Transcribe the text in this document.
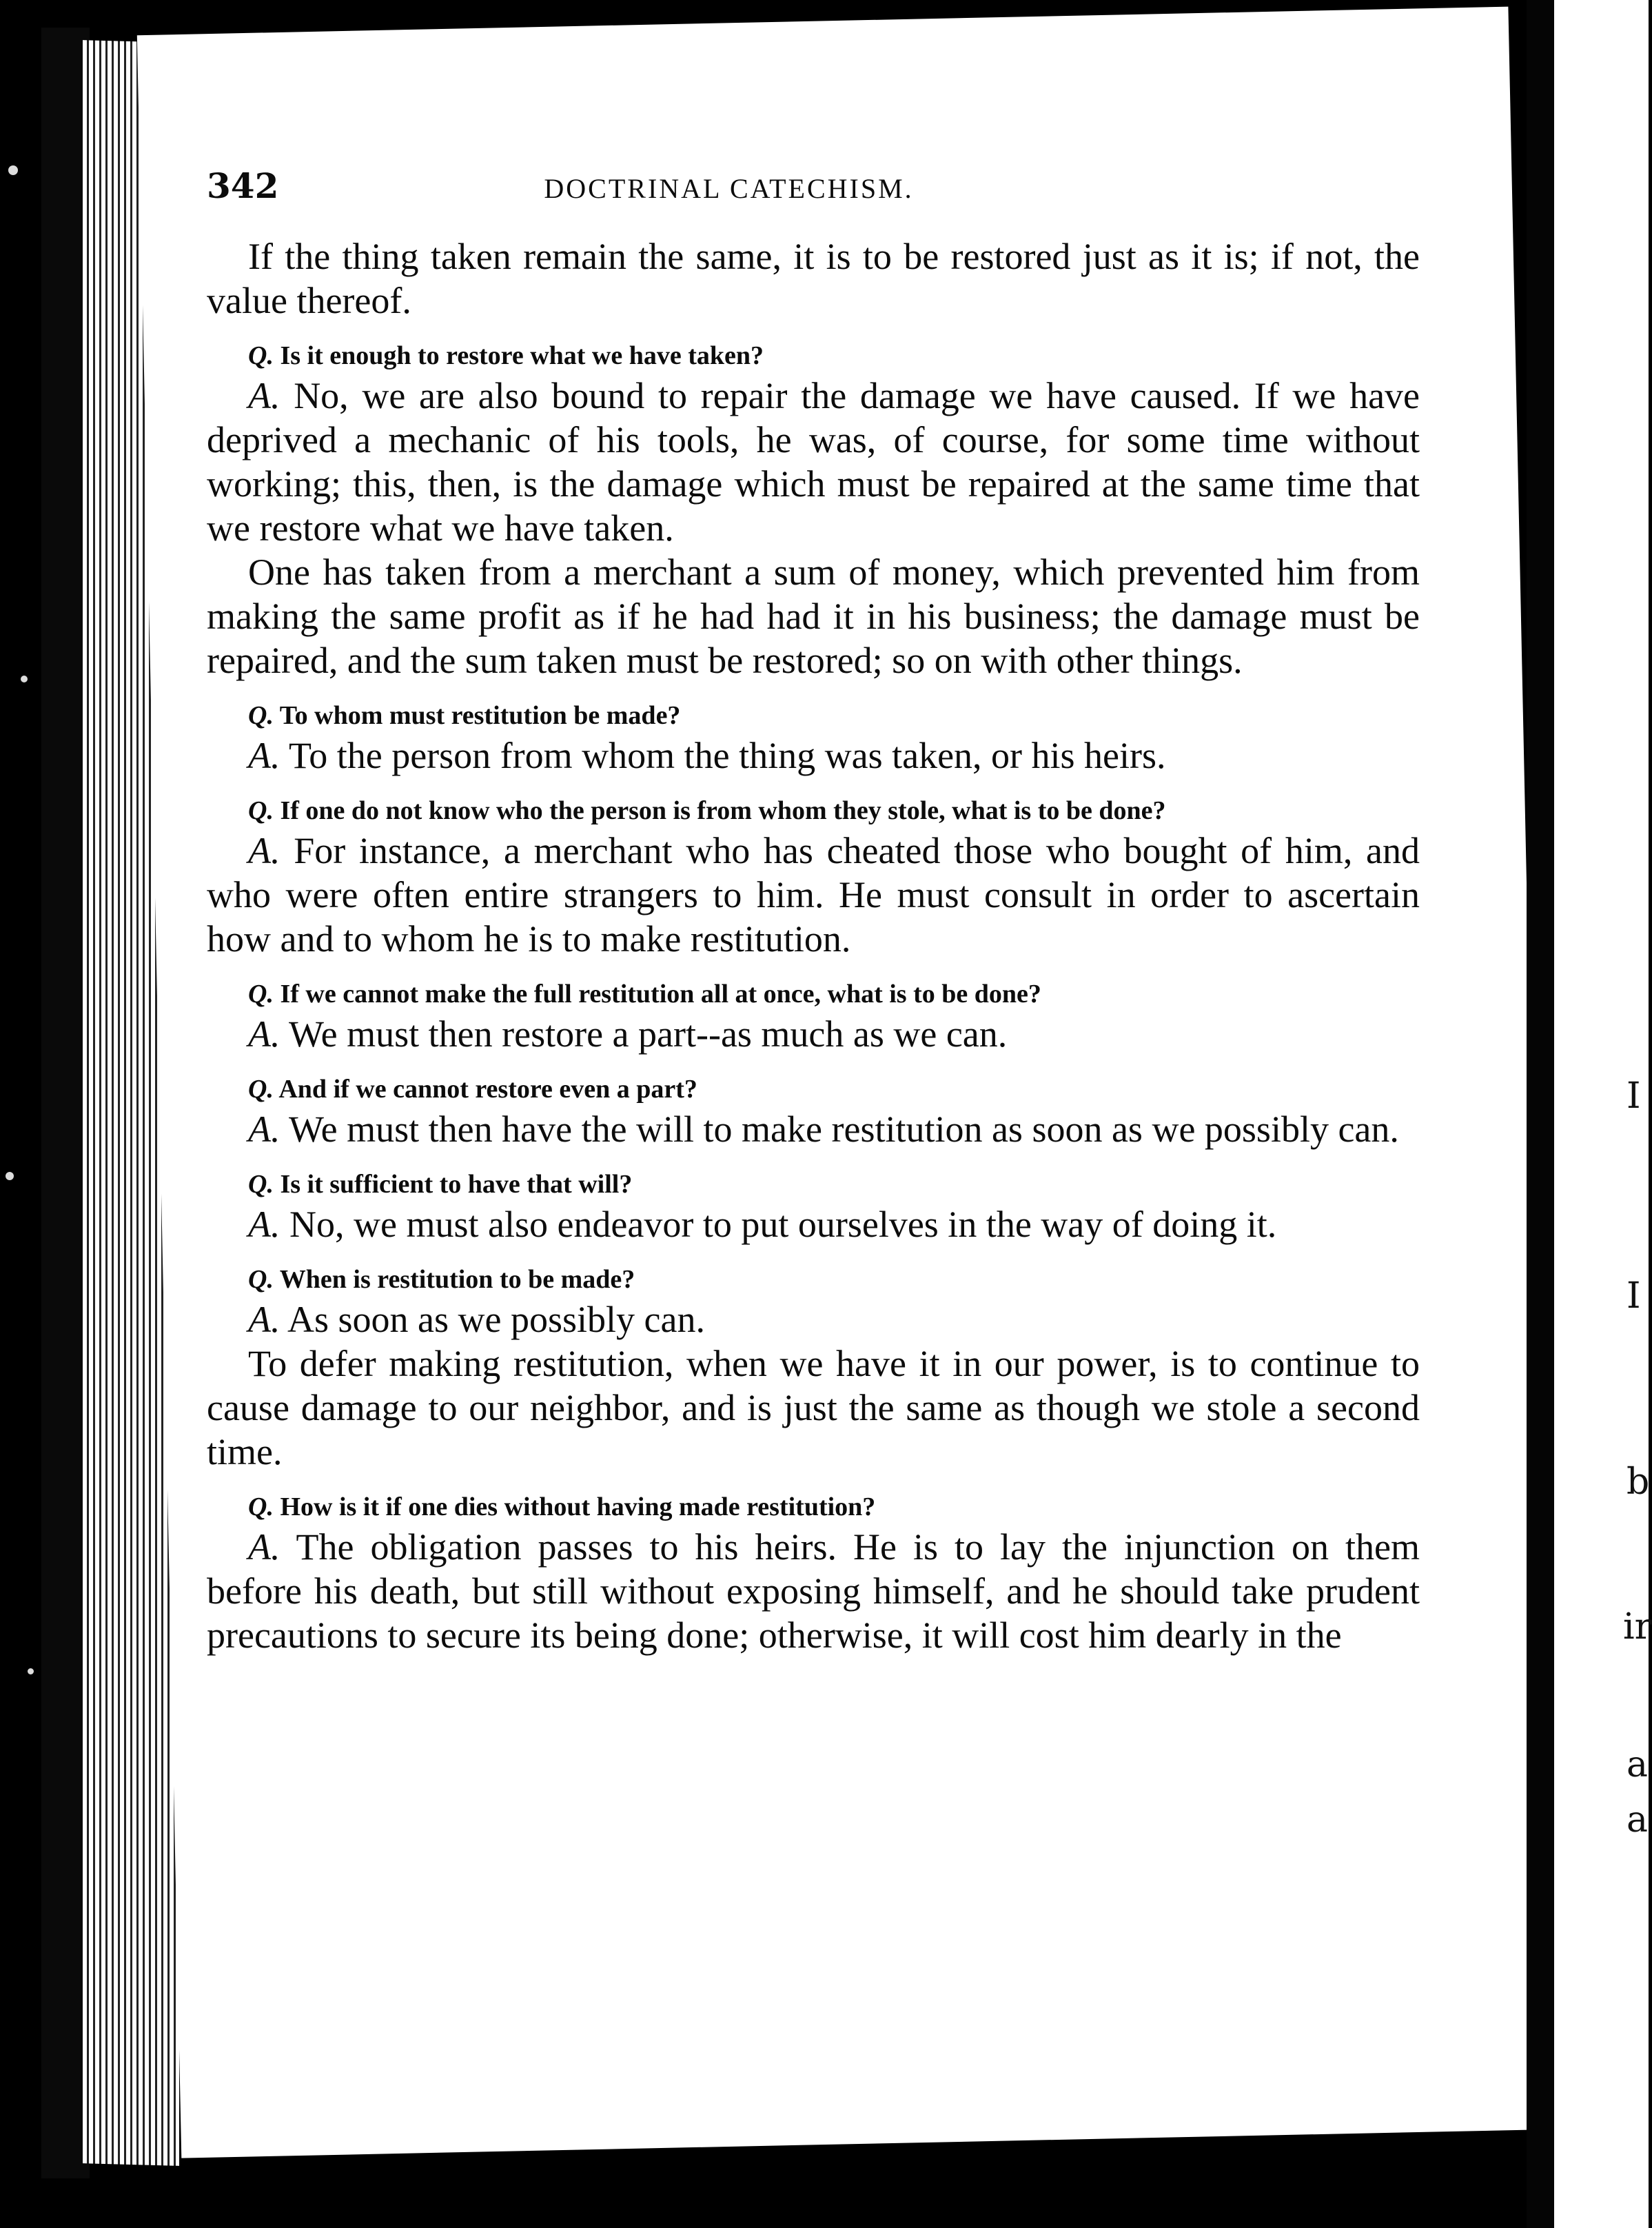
I
I
b
ir
a
a
342	DOCTRINAL CATECHISM.

If the thing taken remain the same, it is to be restored just as it is; if not, the value thereof.

Q. Is it enough to restore what we have taken?

A. No, we are also bound to repair the damage we have caused. If we have deprived a mechanic of his tools, he was, of course, for some time without working; this, then, is the damage which must be repaired at the same time that we restore what we have taken.

One has taken from a merchant a sum of money, which prevented him from making the same profit as if he had had it in his business; the damage must be repaired, and the sum taken must be restored; so on with other things.

Q. To whom must restitution be made?

A. To the person from whom the thing was taken, or his heirs.

Q. If one do not know who the person is from whom they stole, what is to be done?

A. For instance, a merchant who has cheated those who bought of him, and who were often entire strangers to him. He must consult in order to ascertain how and to whom he is to make restitution.

Q. If we cannot make the full restitution all at once, what is to be done?

A. We must then restore a part--as much as we can.

Q. And if we cannot restore even a part?

A. We must then have the will to make restitution as soon as we possibly can.

Q. Is it sufficient to have that will?

A. No, we must also endeavor to put ourselves in the way of doing it.

Q. When is restitution to be made?

A. As soon as we possibly can.

To defer making restitution, when we have it in our power, is to continue to cause damage to our neighbor, and is just the same as though we stole a second time.

Q. How is it if one dies without having made restitution?

A. The obligation passes to his heirs. He is to lay the injunction on them before his death, but still without exposing himself, and he should take prudent precautions to secure its being done; otherwise, it will cost him dearly in the
